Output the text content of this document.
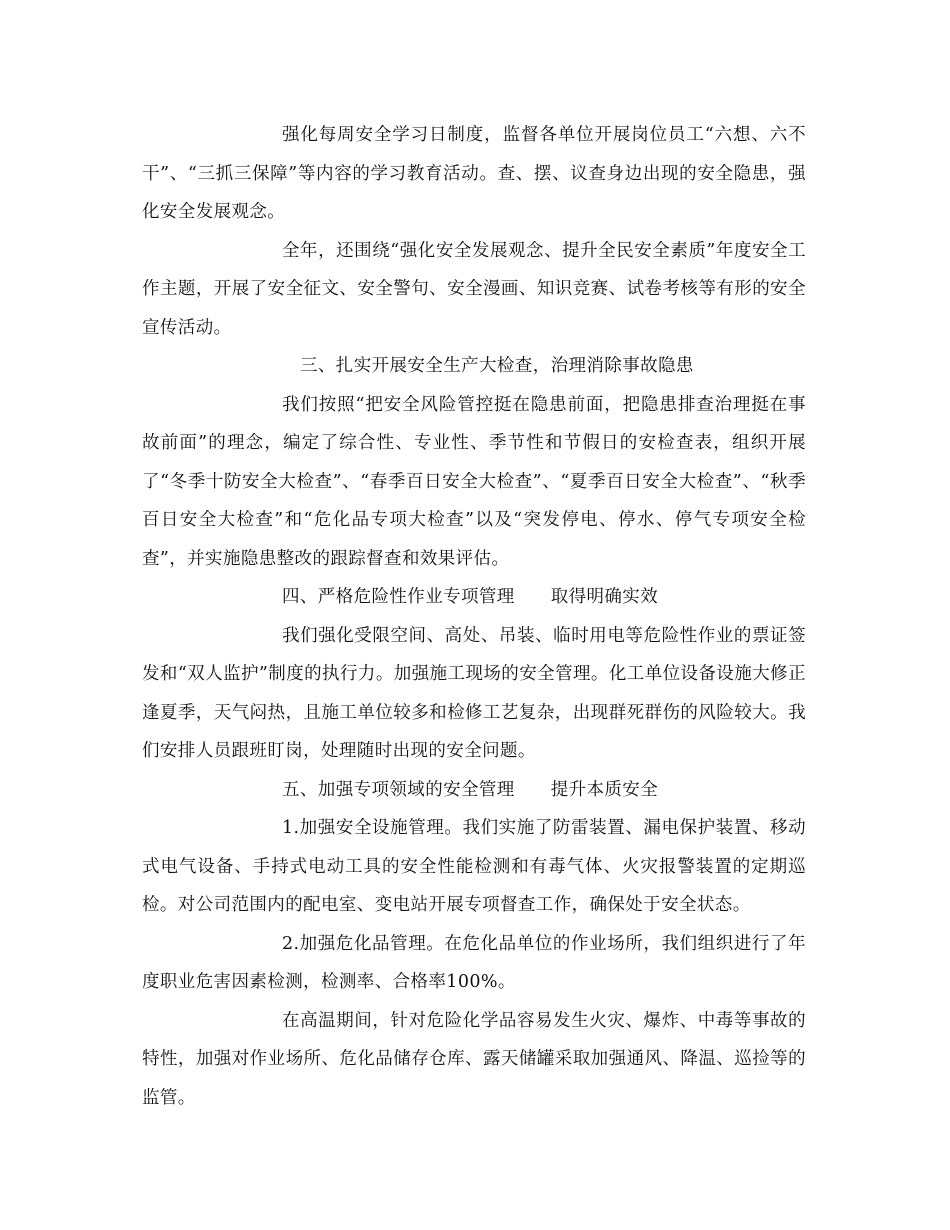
强化每周安全学习日制度，监督各单位开展岗位员工“六想、六不干”、“三抓三保障”等内容的学习教育活动。查、摆、议查身边出现的安全隐患，强化安全发展观念。

全年，还围绕“强化安全发展观念、提升全民安全素质”年度安全工作主题，开展了安全征文、安全警句、安全漫画、知识竞赛、试卷考核等有形的安全宣传活动。

三、扎实开展安全生产大检查，治理消除事故隐患

我们按照“把安全风险管控挺在隐患前面，把隐患排查治理挺在事故前面”的理念，编定了综合性、专业性、季节性和节假日的安检查表，组织开展了“冬季十防安全大检查”、“春季百日安全大检查”、“夏季百日安全大检查”、“秋季百日安全大检查”和“危化品专项大检查”以及“突发停电、停水、停气专项安全检查”，并实施隐患整改的跟踪督查和效果评估。

四、严格危险性作业专项管理 取得明确实效

我们强化受限空间、高处、吊装、临时用电等危险性作业的票证签发和“双人监护”制度的执行力。加强施工现场的安全管理。化工单位设备设施大修正逢夏季，天气闷热，且施工单位较多和检修工艺复杂，出现群死群伤的风险较大。我们安排人员跟班盯岗，处理随时出现的安全问题。

五、加强专项领域的安全管理 提升本质安全

1.加强安全设施管理。我们实施了防雷装置、漏电保护装置、移动式电气设备、手持式电动工具的安全性能检测和有毒气体、火灾报警装置的定期巡检。对公司范围内的配电室、变电站开展专项督查工作，确保处于安全状态。

2.加强危化品管理。在危化品单位的作业场所，我们组织进行了年度职业危害因素检测，检测率、合格率100%。

在高温期间，针对危险化学品容易发生火灾、爆炸、中毒等事故的特性，加强对作业场所、危化品储存仓库、露天储罐采取加强通风、降温、巡捡等的监管。
